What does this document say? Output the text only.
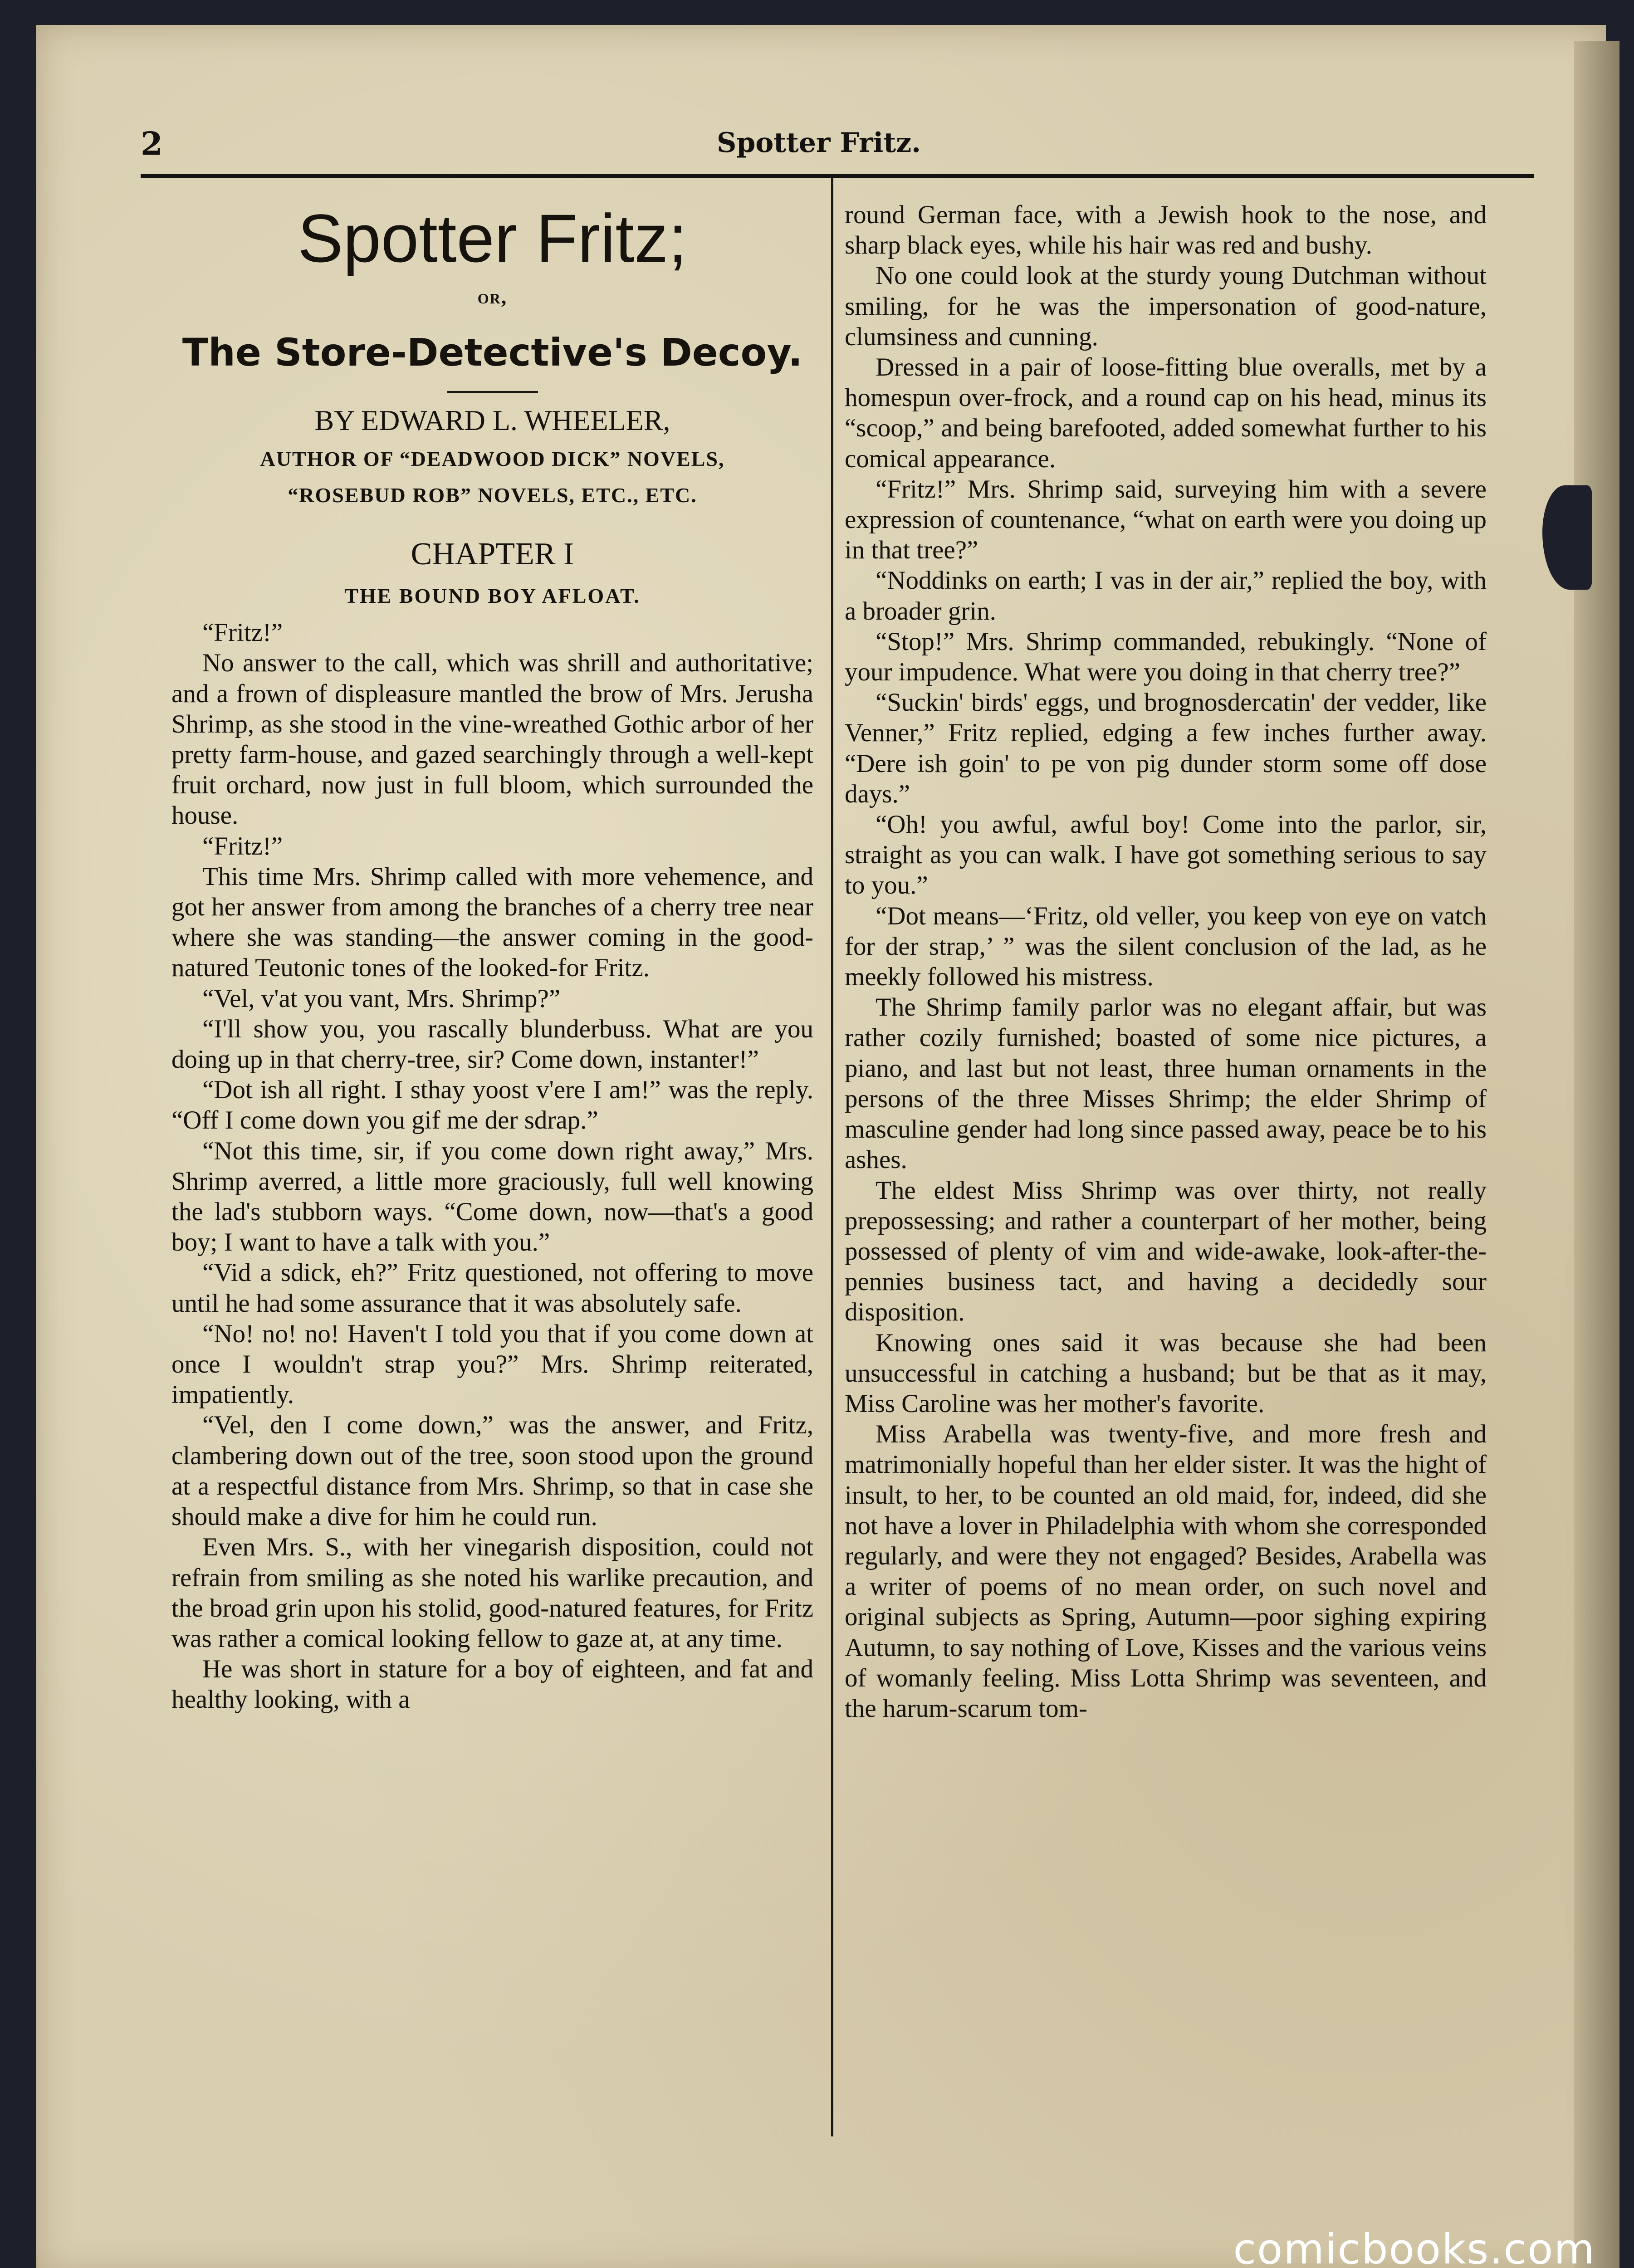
2	Spotter Fritz.
Spotter Fritz;
or,
The Store-Detective's Decoy.
BY EDWARD L. WHEELER,
AUTHOR OF “DEADWOOD DICK” NOVELS,
“ROSEBUD ROB” NOVELS, ETC., ETC.
CHAPTER I
THE BOUND BOY AFLOAT.

“Fritz!”

No answer to the call, which was shrill and authoritative; and a frown of displeasure mantled the brow of Mrs. Jerusha Shrimp, as she stood in the vine-wreathed Gothic arbor of her pretty farm-house, and gazed searchingly through a well-kept fruit orchard, now just in full bloom, which surrounded the house.

“Fritz!”

This time Mrs. Shrimp called with more vehemence, and got her answer from among the branches of a cherry tree near where she was standing—the answer coming in the good-natured Teutonic tones of the looked-for Fritz.

“Vel, v'at you vant, Mrs. Shrimp?”

“I'll show you, you rascally blunderbuss. What are you doing up in that cherry-tree, sir? Come down, instanter!”

“Dot ish all right. I sthay yoost v'ere I am!” was the reply. “Off I come down you gif me der sdrap.”

“Not this time, sir, if you come down right away,” Mrs. Shrimp averred, a little more graciously, full well knowing the lad's stubborn ways. “Come down, now—that's a good boy; I want to have a talk with you.”

“Vid a sdick, eh?” Fritz questioned, not offering to move until he had some assurance that it was absolutely safe.

“No! no! no! Haven't I told you that if you come down at once I wouldn't strap you?” Mrs. Shrimp reiterated, impatiently.

“Vel, den I come down,” was the answer, and Fritz, clambering down out of the tree, soon stood upon the ground at a respectful distance from Mrs. Shrimp, so that in case she should make a dive for him he could run.

Even Mrs. S., with her vinegarish disposition, could not refrain from smiling as she noted his warlike precaution, and the broad grin upon his stolid, good-natured features, for Fritz was rather a comical looking fellow to gaze at, at any time.

He was short in stature for a boy of eighteen, and fat and healthy looking, with a

round German face, with a Jewish hook to the nose, and sharp black eyes, while his hair was red and bushy.

No one could look at the sturdy young Dutchman without smiling, for he was the impersonation of good-nature, clumsiness and cunning.

Dressed in a pair of loose-fitting blue overalls, met by a homespun over-frock, and a round cap on his head, minus its “scoop,” and being barefooted, added somewhat further to his comical appearance.

“Fritz!” Mrs. Shrimp said, surveying him with a severe expression of countenance, “what on earth were you doing up in that tree?”

“Noddinks on earth; I vas in der air,” replied the boy, with a broader grin.

“Stop!” Mrs. Shrimp commanded, rebukingly. “None of your impudence. What were you doing in that cherry tree?”

“Suckin' birds' eggs, und brognosdercatin' der vedder, like Venner,” Fritz replied, edging a few inches further away. “Dere ish goin' to pe von pig dunder storm some off dose days.”

“Oh! you awful, awful boy! Come into the parlor, sir, straight as you can walk. I have got something serious to say to you.”

“Dot means—‘Fritz, old veller, you keep von eye on vatch for der strap,’ ” was the silent conclusion of the lad, as he meekly followed his mistress.

The Shrimp family parlor was no elegant affair, but was rather cozily furnished; boasted of some nice pictures, a piano, and last but not least, three human ornaments in the persons of the three Misses Shrimp; the elder Shrimp of masculine gender had long since passed away, peace be to his ashes.

The eldest Miss Shrimp was over thirty, not really prepossessing; and rather a counterpart of her mother, being possessed of plenty of vim and wide-awake, look-after-the-pennies business tact, and having a decidedly sour disposition.

Knowing ones said it was because she had been unsuccessful in catching a husband; but be that as it may, Miss Caroline was her mother's favorite.

Miss Arabella was twenty-five, and more fresh and matrimonially hopeful than her elder sister. It was the hight of insult, to her, to be counted an old maid, for, indeed, did she not have a lover in Philadelphia with whom she corresponded regularly, and were they not engaged? Besides, Arabella was a writer of poems of no mean order, on such novel and original subjects as Spring, Autumn—poor sighing expiring Autumn, to say nothing of Love, Kisses and the various veins of womanly feeling. Miss Lotta Shrimp was seventeen, and the harum-scarum tom-

comicbooks.com
